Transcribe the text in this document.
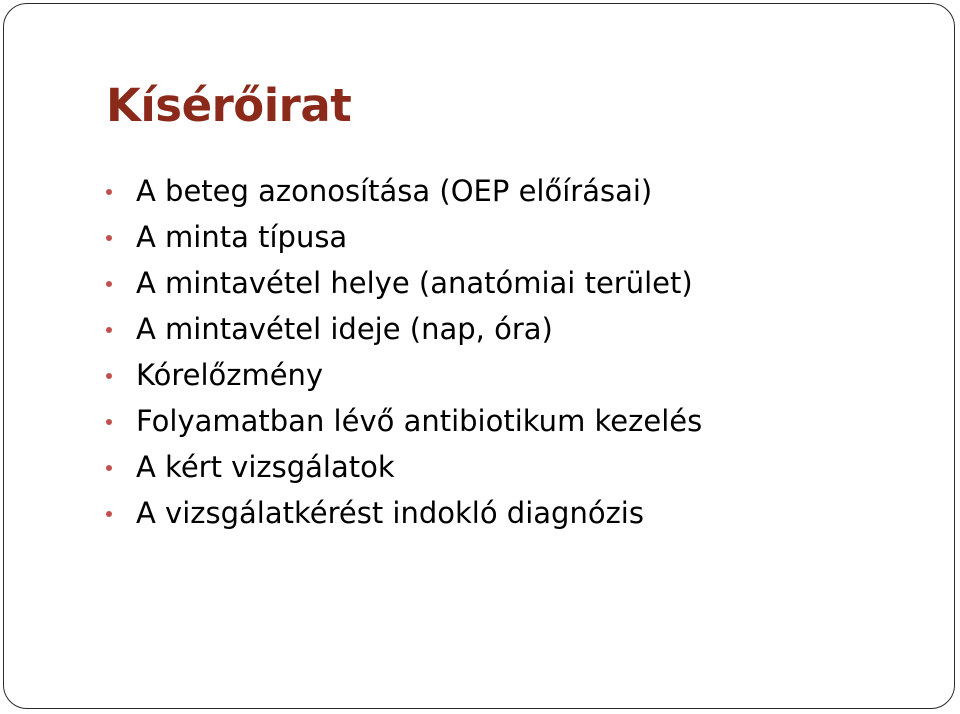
Kísérőirat
A beteg azonosítása (OEP előírásai)
A minta típusa
A mintavétel helye (anatómiai terület)
A mintavétel ideje (nap, óra)
Kórelőzmény
Folyamatban lévő antibiotikum kezelés
A kért vizsgálatok
A vizsgálatkérést indokló diagnózis
